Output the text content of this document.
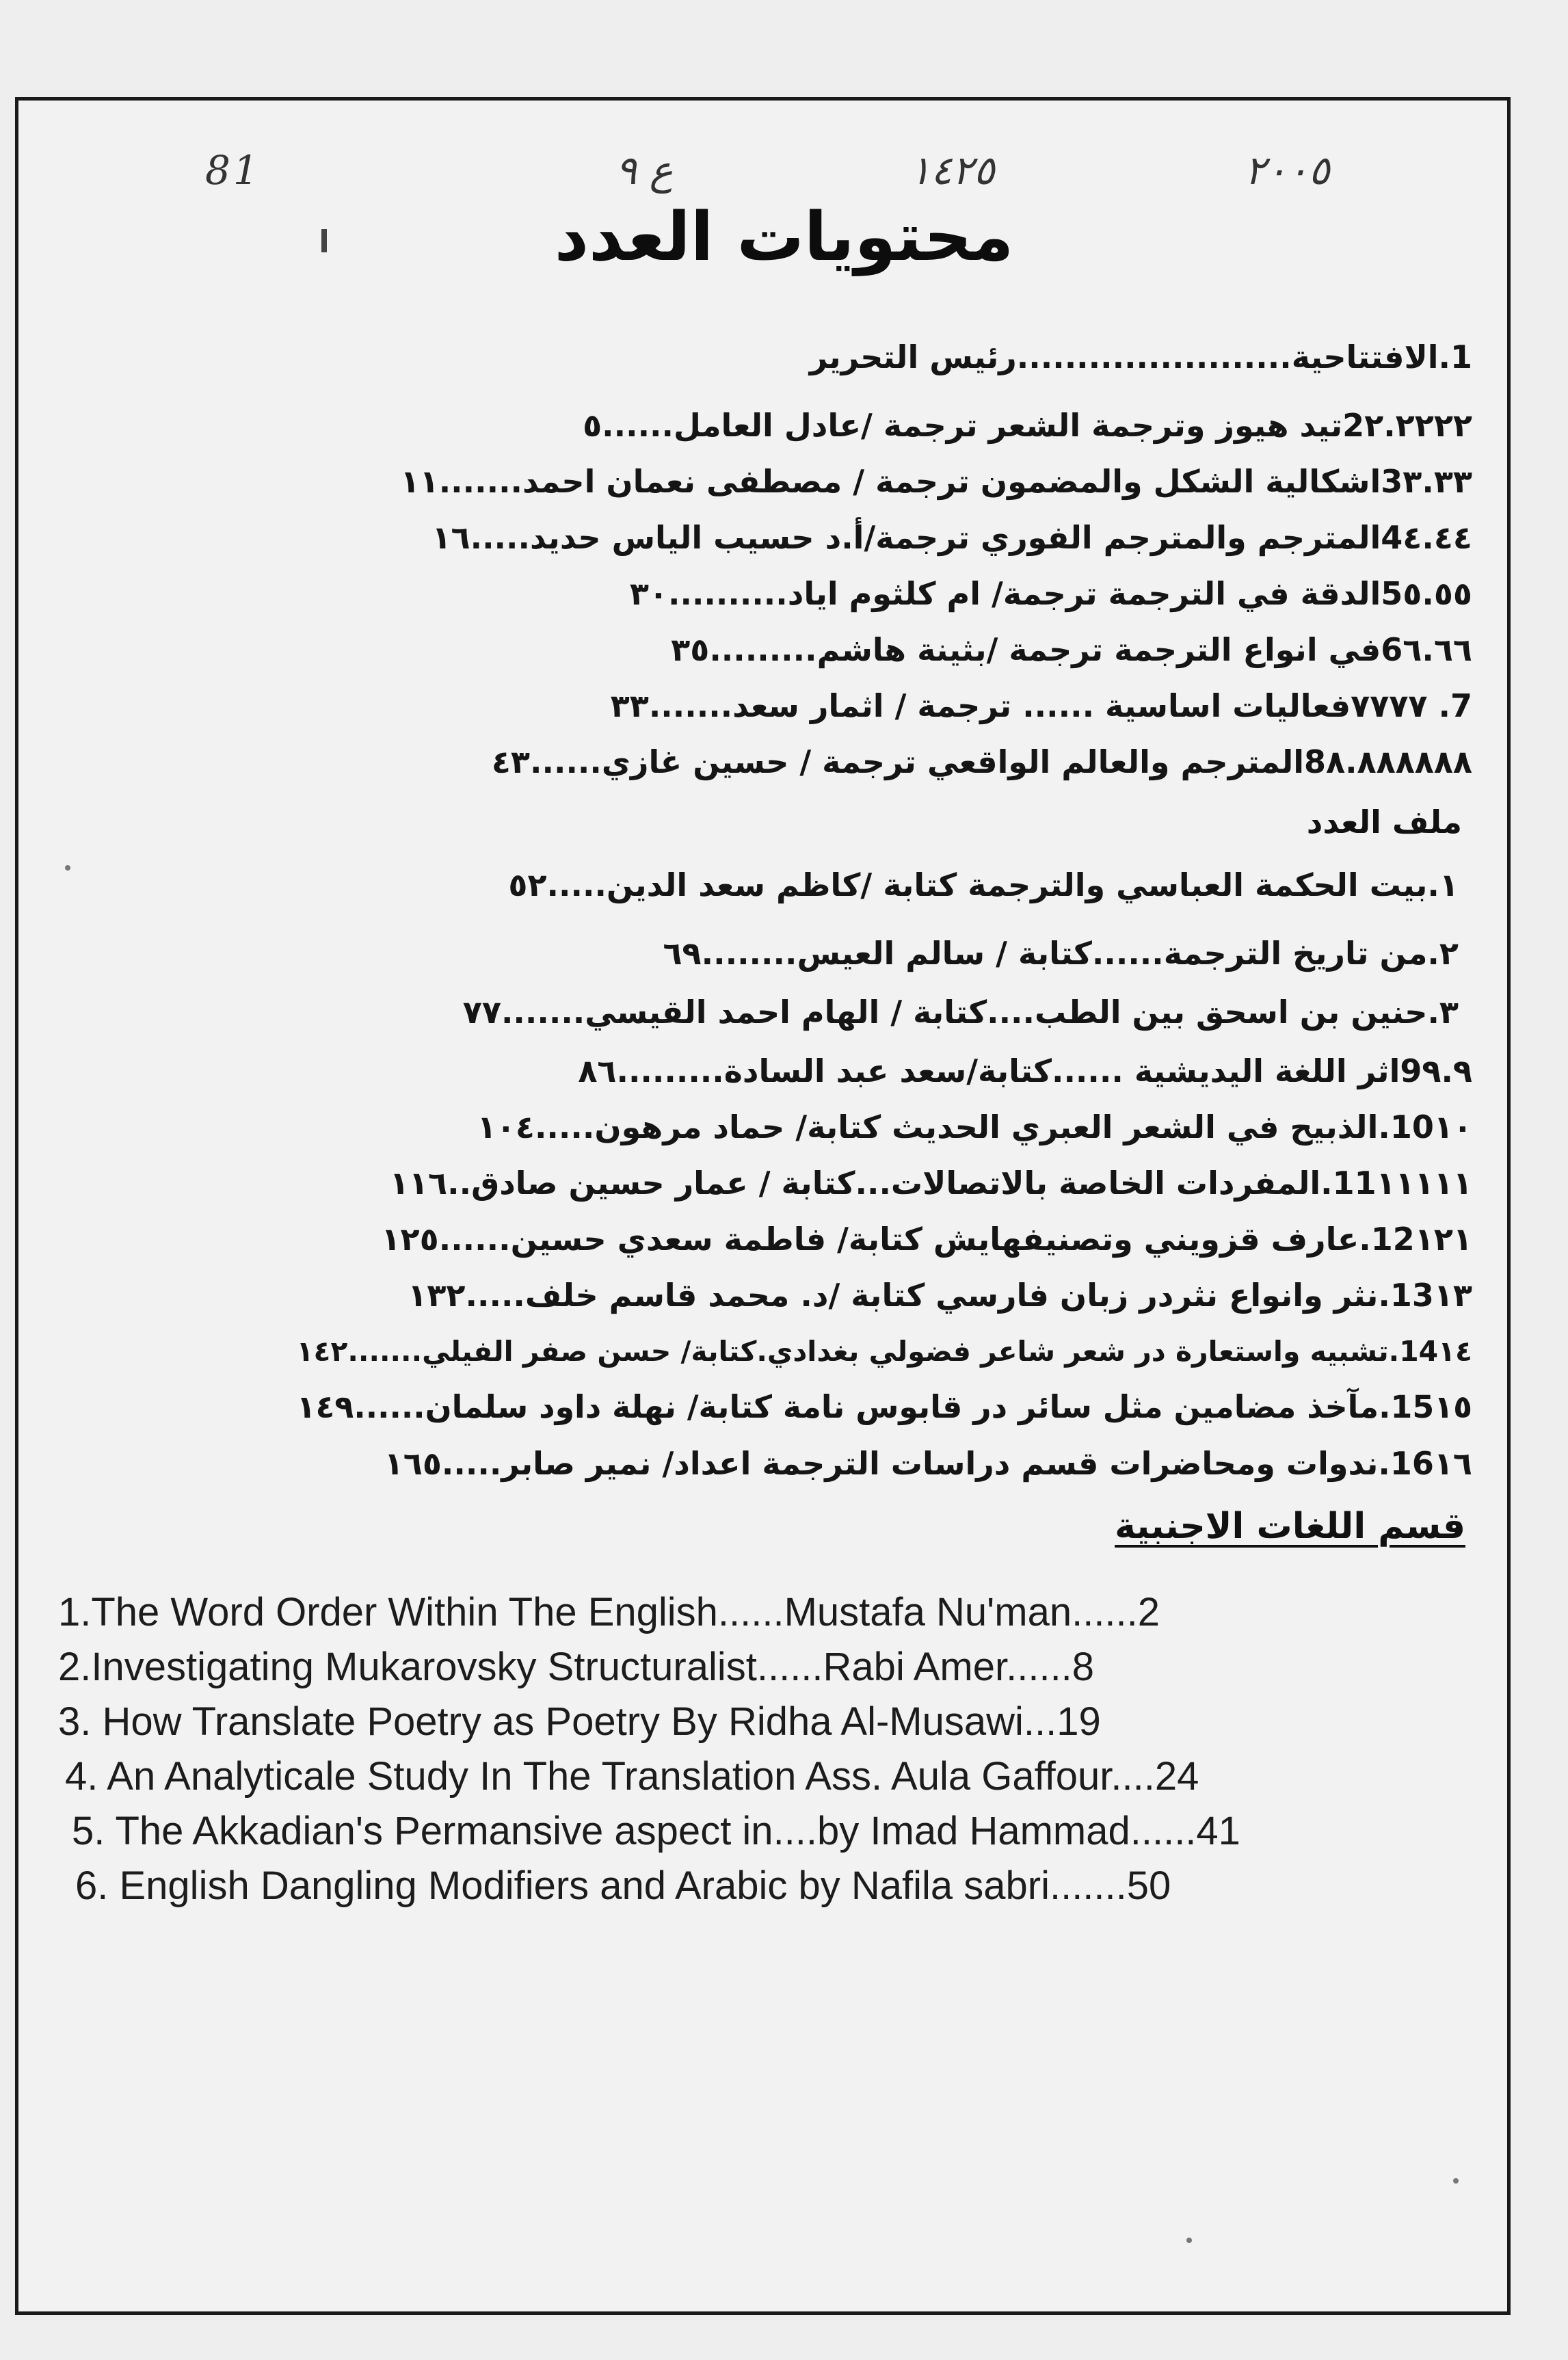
81	ع ٩	١٤٢٥	٢٠٠٥
محتويات العدد
1.الافتتاحية.......................رئيس التحرير
2٢.٢٢٢٢تيد هيوز وترجمة الشعر ترجمة /عادل العامل......٥
3٣.٣٣اشكالية الشكل والمضمون ترجمة / مصطفى نعمان احمد.......١١
4٤.٤٤المترجم والمترجم الفوري ترجمة/أ.د حسيب الياس حديد.....١٦
5٥.٥٥الدقة في الترجمة ترجمة/ ام كلثوم اياد..........٣٠
6٦.٦٦في انواع الترجمة ترجمة /بثينة هاشم.........٣٥
7. ٧٧٧٧فعاليات اساسية ...... ترجمة / اثمار سعد.......٣٣
8٨.٨٨٨٨٨٨المترجم والعالم الواقعي ترجمة / حسين غازي......٤٣
ملف العدد
١.بيت الحكمة العباسي والترجمة كتابة /كاظم سعد الدين.....٥٢
٢.من تاريخ الترجمة......كتابة / سالم العيس........٦٩
٣.حنين بن اسحق بين الطب....كتابة / الهام احمد القيسي.......٧٧
9٩.٩اثر اللغة اليديشية ......كتابة/سعد عبد السادة.........٨٦
10١٠.الذبيح في الشعر العبري الحديث كتابة/ حماد مرهون.....١٠٤
11١١١١١.المفردات الخاصة بالاتصالات...كتابة / عمار حسين صادق..١١٦
12١٢١.عارف قزويني وتصنيفهايش كتابة/ فاطمة سعدي حسين......١٢٥
13١٣.نثر وانواع نثردر زبان فارسي كتابة /د. محمد قاسم خلف.....١٣٢
14١٤.تشبيه واستعارة در شعر شاعر فضولي بغدادي.كتابة/ حسن صفر الفيلي.......١٤٢
15١٥.مآخذ مضامين مثل سائر در قابوس نامة كتابة/ نهلة داود سلمان......١٤٩
16١٦.ندوات ومحاضرات قسم دراسات الترجمة اعداد/ نمير صابر.....١٦٥
قسم اللغات الاجنبية
1.The Word Order Within The English......Mustafa Nu'man......2
2.Investigating Mukarovsky Structuralist......Rabi Amer......8
3. How Translate Poetry as Poetry By Ridha Al-Musawi...19
4. An Analyticale Study In The Translation Ass. Aula Gaffour....24
5. The Akkadian's Permansive aspect in....by Imad Hammad......41
6. English Dangling Modifiers and Arabic by Nafila sabri.......50
